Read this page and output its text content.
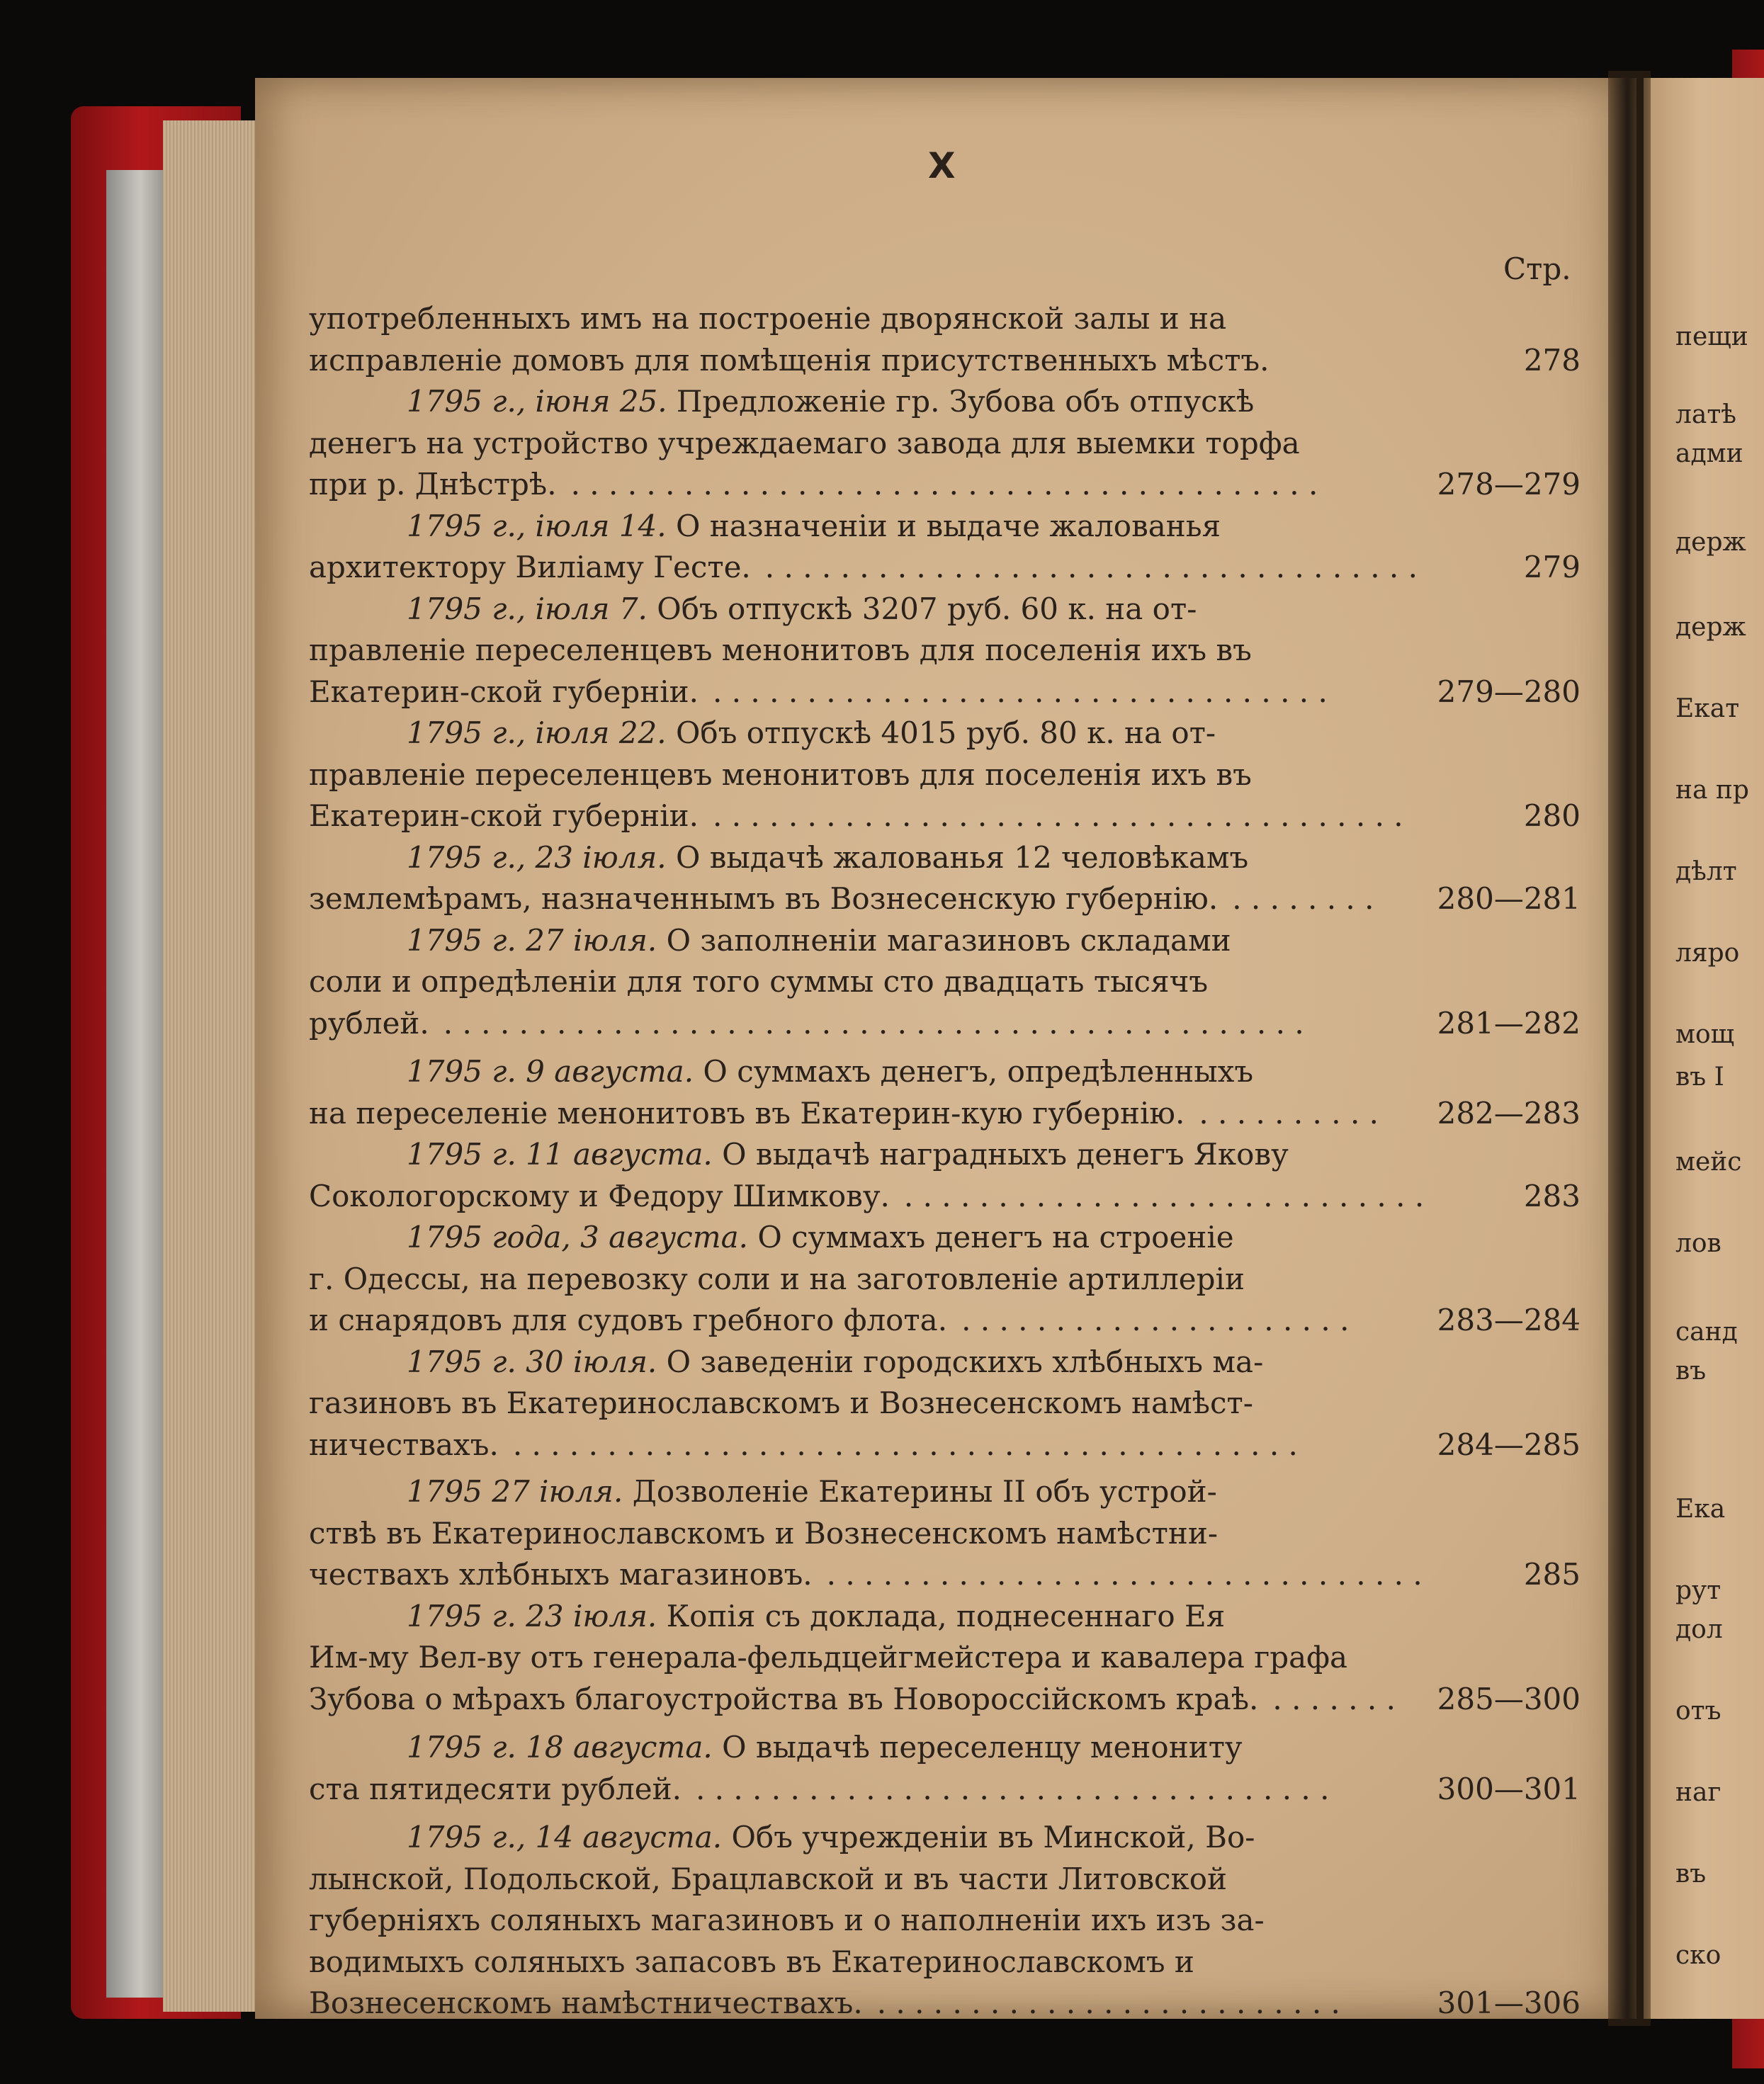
X
Стр.
употребленныхъ имъ на построеніе дворянской залы и на
исправленіе домовъ для помѣщенія присутственныхъ мѣстъ.	278
1795 г., іюня 25. Предложеніе гр. Зубова объ отпускѣ
денегъ на устройство учреждаемаго завода для выемки торфа
при р. Днѣстрѣ.	278—279
. . . . . . . . . . . . . . . . . . . . . . . . . . . . . . . . . . . . . . . .
1795 г., іюля 14. О назначеніи и выдаче жалованья
архитектору Виліаму Гесте.	279
. . . . . . . . . . . . . . . . . . . . . . . . . . . . . . . . . . .
1795 г., іюля 7. Объ отпускѣ 3207 руб. 60 к. на от-
правленіе переселенцевъ менонитовъ для поселенія ихъ въ
Екатерин-ской губерніи.	279—280
. . . . . . . . . . . . . . . . . . . . . . . . . . . . . . . . .
1795 г., іюля 22. Объ отпускѣ 4015 руб. 80 к. на от-
правленіе переселенцевъ менонитовъ для поселенія ихъ въ
Екатерин-ской губерніи.	280
. . . . . . . . . . . . . . . . . . . . . . . . . . . . . . . . . . . . .
1795 г., 23 іюля. О выдачѣ жалованья 12 человѣкамъ
землемѣрамъ, назначеннымъ въ Вознесенскую губернію.	280—281
. . . . . . . .
1795 г. 27 іюля. О заполненіи магазиновъ складами
соли и опредѣленіи для того суммы сто двадцать тысячъ
рублей.	281—282
. . . . . . . . . . . . . . . . . . . . . . . . . . . . . . . . . . . . . . . . . . . . . .
1795 г. 9 августа. О суммахъ денегъ, опредѣленныхъ
на переселеніе менонитовъ въ Екатерин-кую губернію.	282—283
. . . . . . . . . .
1795 г. 11 августа. О выдачѣ наградныхъ денегъ Якову
Сокологорскому и Федору Шимкову.	283
. . . . . . . . . . . . . . . . . . . . . . . . . . . .
1795 года, 3 августа. О суммахъ денегъ на строеніе
г. Одессы, на перевозку соли и на заготовленіе артиллеріи
и снарядовъ для судовъ гребного флота.	283—284
. . . . . . . . . . . . . . . . . . . . .
1795 г. 30 іюля. О заведеніи городскихъ хлѣбныхъ ма-
газиновъ въ Екатеринославскомъ и Вознесенскомъ намѣст-
ничествахъ.	284—285
. . . . . . . . . . . . . . . . . . . . . . . . . . . . . . . . . . . . . . . . . .
1795 27 іюля. Дозволеніе Екатерины II объ устрой-
ствѣ въ Екатеринославскомъ и Вознесенскомъ намѣстни-
чествахъ хлѣбныхъ магазиновъ.	285
. . . . . . . . . . . . . . . . . . . . . . . . . . . . . . . .
1795 г. 23 іюля. Копія съ доклада, поднесеннаго Ея
Им-му Вел-ву отъ генерала-фельдцейгмейстера и кавалера графа
Зубова о мѣрахъ благоустройства въ Новороссійскомъ краѣ.	285—300
. . . . . . .
1795 г. 18 августа. О выдачѣ переселенцу менониту
ста пятидесяти рублей.	300—301
. . . . . . . . . . . . . . . . . . . . . . . . . . . . . . . . . .
1795 г., 14 августа. Объ учрежденіи въ Минской, Во-
лынской, Подольской, Брацлавской и въ части Литовской
губерніяхъ соляныхъ магазиновъ и о наполненіи ихъ изъ за-
водимыхъ соляныхъ запасовъ въ Екатеринославскомъ и
Вознесенскомъ намѣстничествахъ.	301—306
. . . . . . . . . . . . . . . . . . . . . . . . .
пещи
латѣ
адми
держ
держ
Екат
на пр
дѣлт
ляро
мощ
въ І
мейс
лов
санд
въ
Ека
рут
дол
отъ
наг
въ
ско
